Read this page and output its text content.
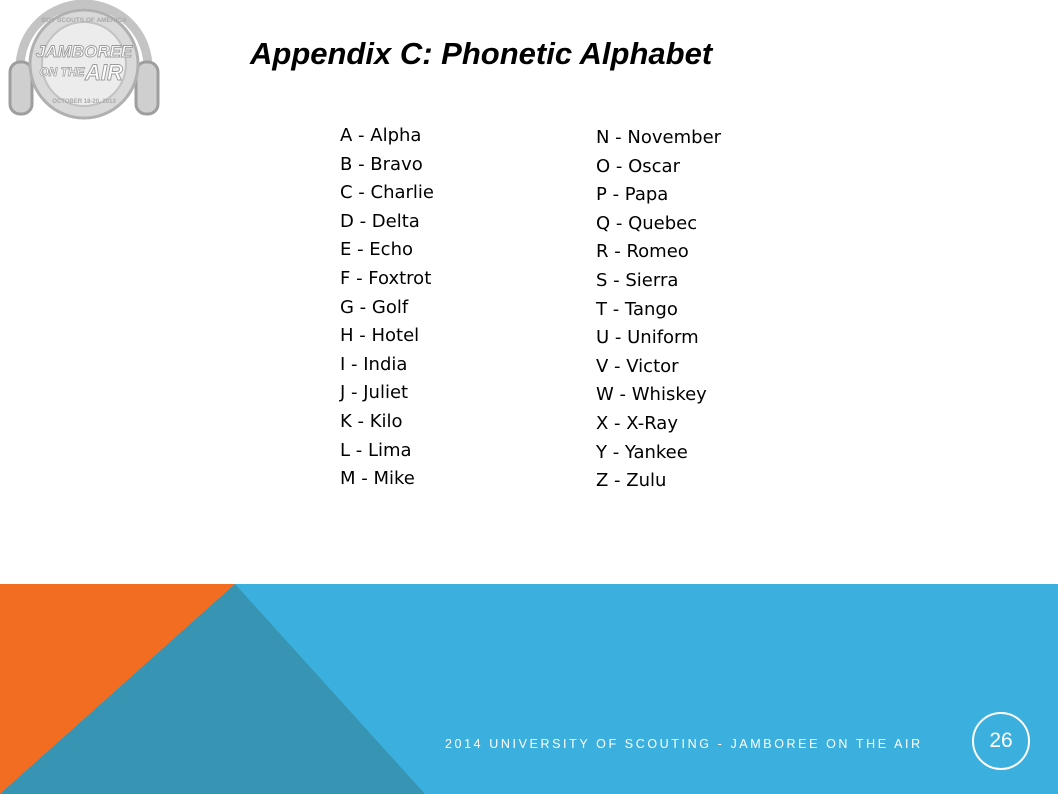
BOY SCOUTS OF AMERICA
JAMBOREE
ON THE AIR
OCTOBER 18-20, 2013
Appendix C: Phonetic Alphabet
A - Alpha
B - Bravo
C - Charlie
D - Delta
E - Echo
F - Foxtrot
G - Golf
H - Hotel
I - India
J - Juliet
K - Kilo
L - Lima
M - Mike
N - November
O - Oscar
P - Papa
Q - Quebec
R - Romeo
S - Sierra
T - Tango
U - Uniform
V - Victor
W - Whiskey
X - X-Ray
Y - Yankee
Z - Zulu
2014 UNIVERSITY OF SCOUTING - JAMBOREE ON THE AIR	26
